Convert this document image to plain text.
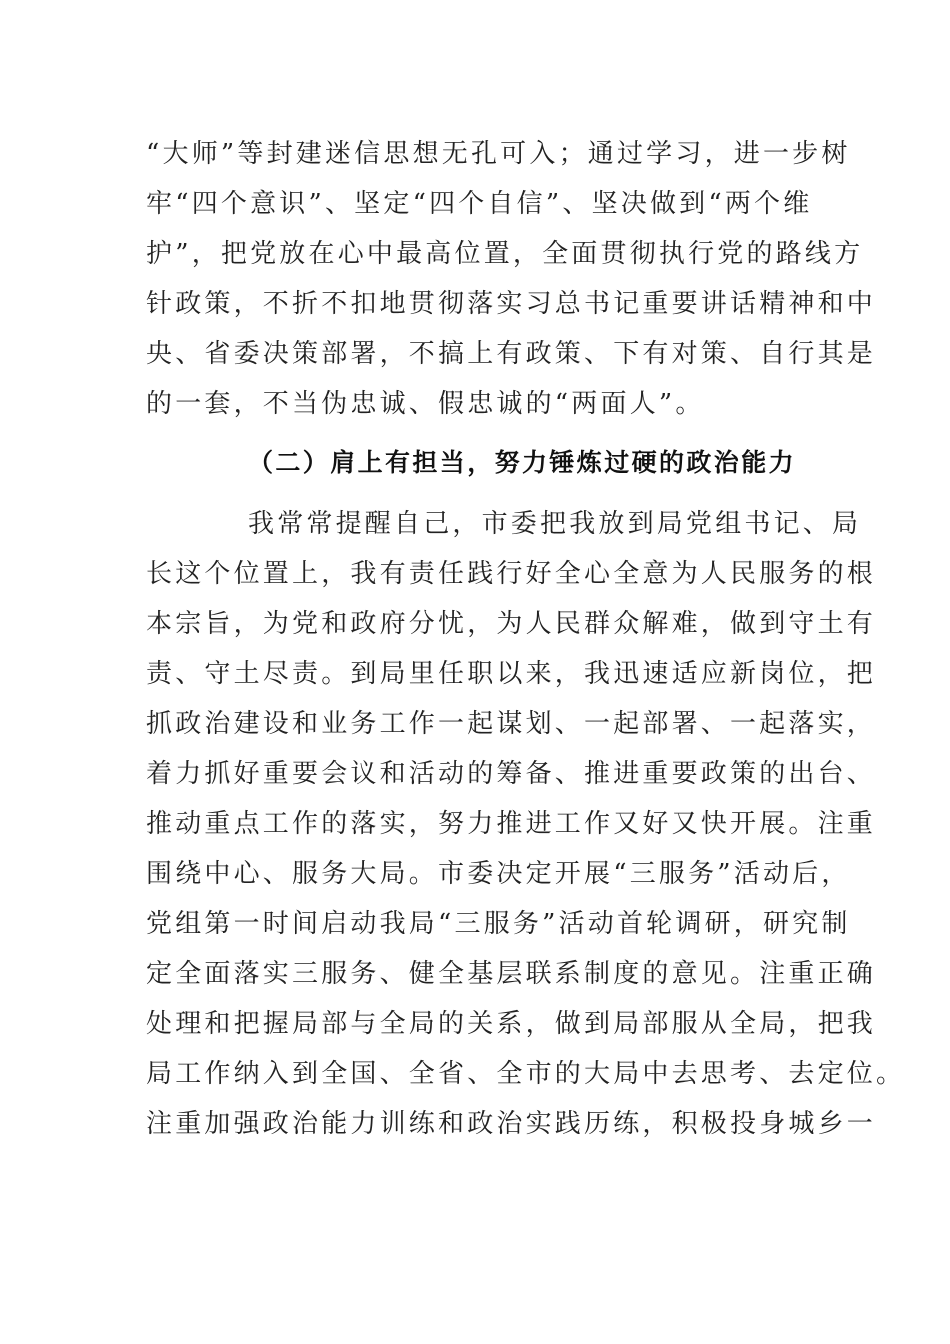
“大师”等封建迷信思想无孔可入；通过学习，进一步树
牢“四个意识”、坚定“四个自信”、坚决做到“两个维
护”，把党放在心中最高位置，全面贯彻执行党的路线方
针政策，不折不扣地贯彻落实习总书记重要讲话精神和中
央、省委决策部署，不搞上有政策、下有对策、自行其是
的一套，不当伪忠诚、假忠诚的“两面人”。
（二）肩上有担当，努力锤炼过硬的政治能力
我常常提醒自己，市委把我放到局党组书记、局
长这个位置上，我有责任践行好全心全意为人民服务的根
本宗旨，为党和政府分忧，为人民群众解难，做到守土有
责、守土尽责。到局里任职以来，我迅速适应新岗位，把
抓政治建设和业务工作一起谋划、一起部署、一起落实，
着力抓好重要会议和活动的筹备、推进重要政策的出台、
推动重点工作的落实，努力推进工作又好又快开展。注重
围绕中心、服务大局。市委决定开展“三服务”活动后，
党组第一时间启动我局“三服务”活动首轮调研，研究制
定全面落实三服务、健全基层联系制度的意见。注重正确
处理和把握局部与全局的关系，做到局部服从全局，把我
局工作纳入到全国、全省、全市的大局中去思考、去定位。
注重加强政治能力训练和政治实践历练，积极投身城乡一
